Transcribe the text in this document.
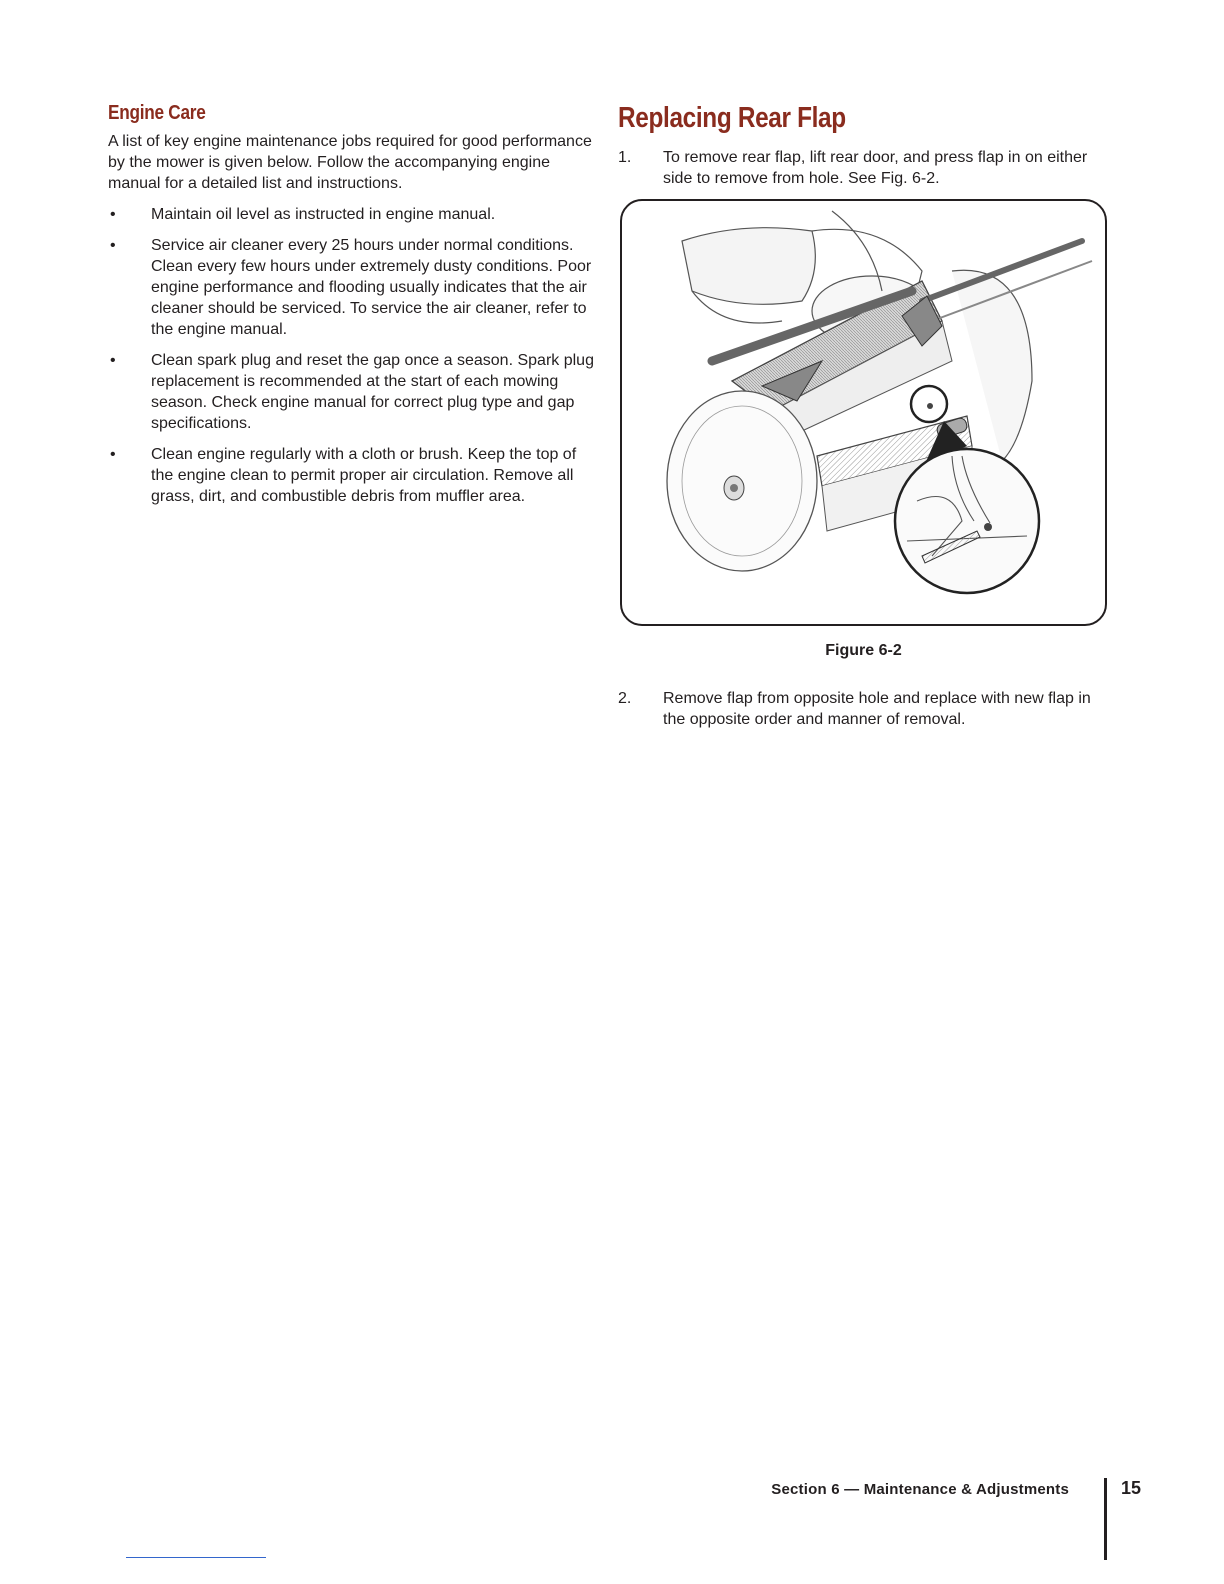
Engine Care

A list of key engine maintenance jobs required for good performance by the mower is given below. Follow the accompanying engine manual for a detailed list and instructions.

• Maintain oil level as instructed in engine manual.
• Service air cleaner every 25 hours under normal conditions. Clean every few hours under extremely dusty conditions. Poor engine performance and flooding usually indicates that the air cleaner should be serviced. To service the air cleaner, refer to the engine manual.
• Clean spark plug and reset the gap once a season. Spark plug replacement is recommended at the start of each mowing season. Check engine manual for correct plug type and gap specifications.
• Clean engine regularly with a cloth or brush. Keep the top of the engine clean to permit proper air circulation. Remove all grass, dirt, and combustible debris from muffler area.
Replacing Rear Flap
1. To remove rear flap, lift rear door, and press flap in on either side to remove from hole. See Fig. 6-2.
Figure 6-2
2. Remove flap from opposite hole and replace with new flap in the opposite order and manner of removal.
Section 6 — Maintenance & Adjustments	15
